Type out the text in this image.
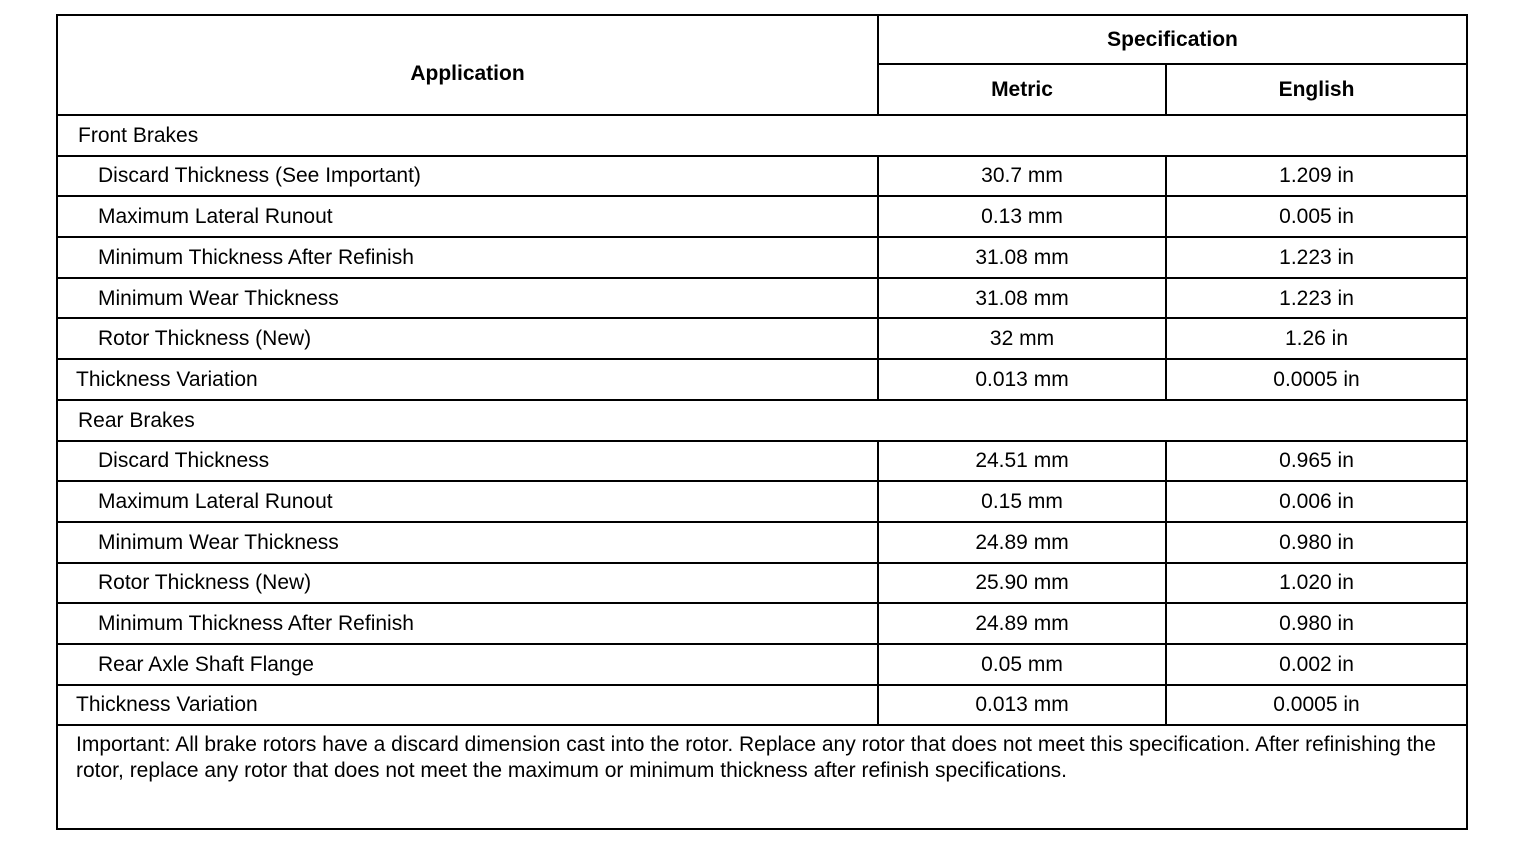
Application	Specification	
	Metric	English
Front Brakes		
Discard Thickness (See Important)	30.7 mm	1.209 in
Maximum Lateral Runout	0.13 mm	0.005 in
Minimum Thickness After Refinish	31.08 mm	1.223 in
Minimum Wear Thickness	31.08 mm	1.223 in
Rotor Thickness (New)	32 mm	1.26 in
Thickness Variation	0.013 mm	0.0005 in
Rear Brakes		
Discard Thickness	24.51 mm	0.965 in
Maximum Lateral Runout	0.15 mm	0.006 in
Minimum Wear Thickness	24.89 mm	0.980 in
Rotor Thickness (New)	25.90 mm	1.020 in
Minimum Thickness After Refinish	24.89 mm	0.980 in
Rear Axle Shaft Flange	0.05 mm	0.002 in
Thickness Variation	0.013 mm	0.0005 in
Important: All brake rotors have a discard dimension cast into the rotor. Replace any rotor that does not meet this specification. After refinishing the rotor, replace any rotor that does not meet the maximum or minimum thickness after refinish specifications.		
